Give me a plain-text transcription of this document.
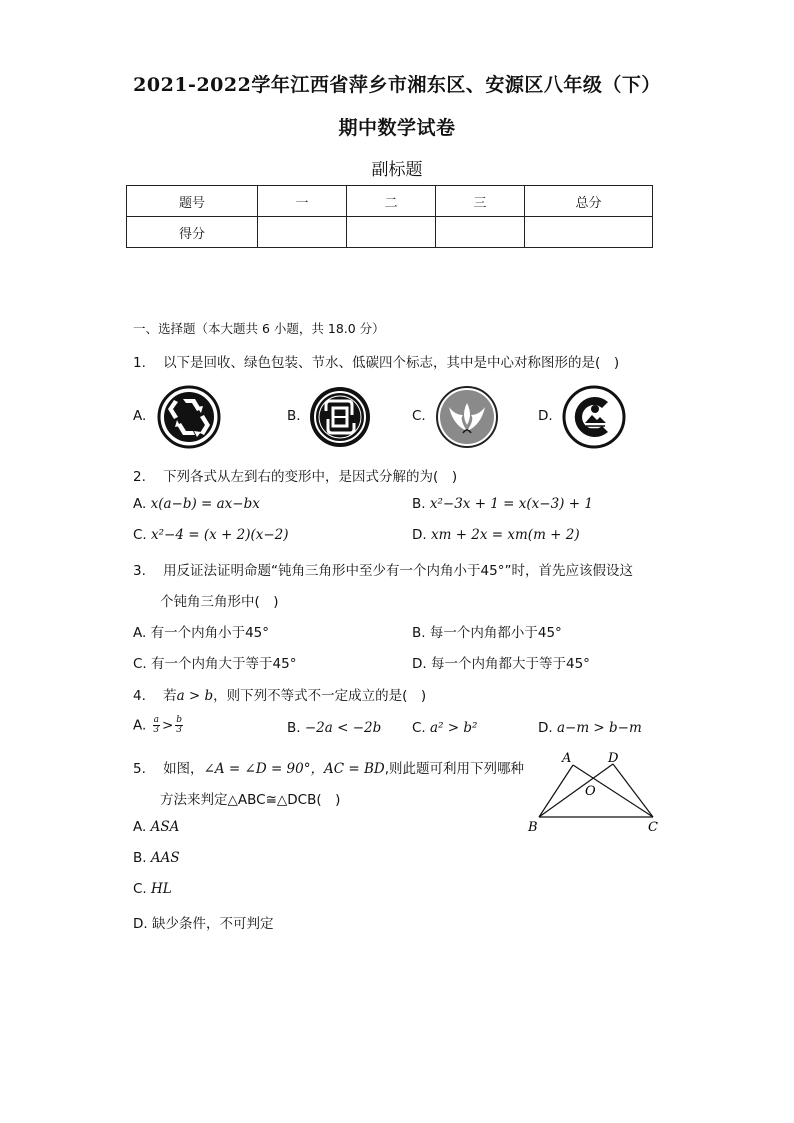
2021-2022学年江西省萍乡市湘东区、安源区八年级（下）
期中数学试卷
副标题
题号	一	二	三	总分
得分				
一、选择题（本大题共 6 小题，共 18.0 分）
1. 以下是回收、绿色包装、节水、低碳四个标志，其中是中心对称图形的是(　)
A.	B.	C.	D.
2. 下列各式从左到右的变形中，是因式分解的为(　)
A. x(a−b) = ax−bx	B. x²−3x + 1 = x(x−3) + 1
C. x²−4 = (x + 2)(x−2)	D. xm + 2x = xm(m + 2)
3. 用反证法证明命题“钝角三角形中至少有一个内角小于45°”时，首先应该假设这
个钝角三角形中(　)
A. 有一个内角小于45°	B. 每一个内角都小于45°
C. 有一个内角大于等于45°	D. 每一个内角都大于等于45°
4. 若a > b，则下列不等式不一定成立的是(　)
A. $\frac{a}{3} > \frac{b}{3}$	B. −2a < −2b C. a² > b²	D. a−m > b−m
5. 如图，∠A = ∠D = 90°，AC = BD,则此题可利用下列哪种
方法来判定△ABC≅△DCB(　)
A. ASA
B. AAS
C. HL
D. 缺少条件，不可判定
A	D
O
B	C
